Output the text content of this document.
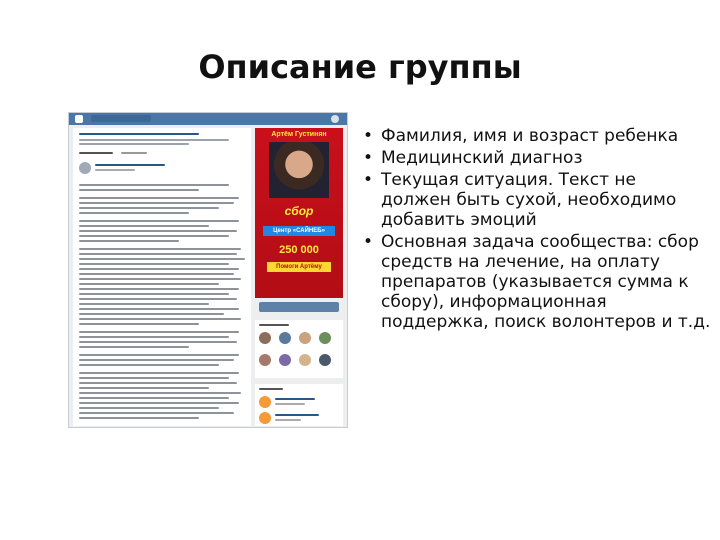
Описание группы
Артём Густинян
сбор
Центр «САЙНЕБ»
250 000
Помоги Артёму
• Фамилия, имя и возраст ребенка
• Медицинский диагноз
• Текущая ситуация. Текст не должен быть сухой, необходимо добавить эмоций
• Основная задача сообщества: сбор средств на лечение, на оплату препаратов (указывается сумма к сбору), информационная поддержка, поиск волонтеров и т.д.
